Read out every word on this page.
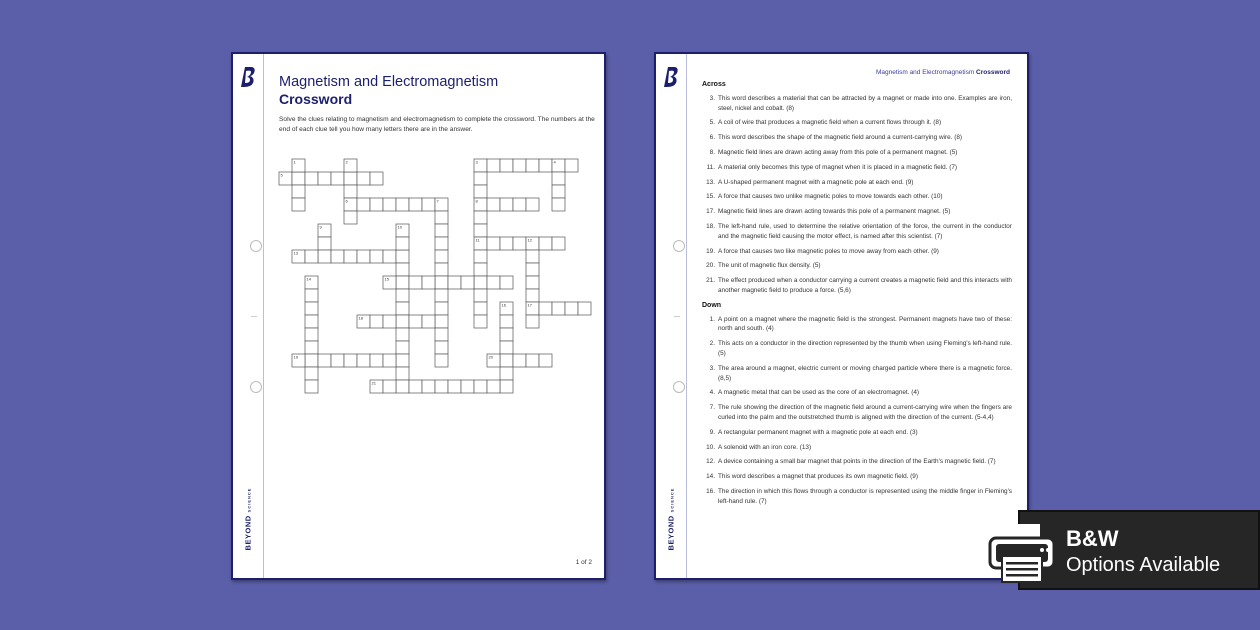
BEYONDSCIENCE
Magnetism and Electromagnetism
Crossword
Solve the clues relating to magnetism and electromagnetism to complete the crossword. The numbers at the end of each clue tell you how many letters there are in the answer.
5
1	2
6	7
3	4
8
11	12
17
9
13
10
15
14
16
18
19	20
21
1 of 2
BEYONDSCIENCE
Magnetism and Electromagnetism Crossword
Across
3. This word describes a material that can be attracted by a magnet or made into one. Examples are iron, steel, nickel and cobalt. (8)
5. A coil of wire that produces a magnetic field when a current flows through it. (8)
6. This word describes the shape of the magnetic field around a current-carrying wire. (8)
8. Magnetic field lines are drawn acting away from this pole of a permanent magnet. (5)
11. A material only becomes this type of magnet when it is placed in a magnetic field. (7)
13. A U-shaped permanent magnet with a magnetic pole at each end. (9)
15. A force that causes two unlike magnetic poles to move towards each other. (10)
17. Magnetic field lines are drawn acting towards this pole of a permanent magnet. (5)
18. The left-hand rule, used to determine the relative orientation of the force, the current in the conductor and the magnetic field causing the motor effect, is named after this scientist. (7)
19. A force that causes two like magnetic poles to move away from each other. (9)
20. The unit of magnetic flux density. (5)
21. The effect produced when a conductor carrying a current creates a magnetic field and this interacts with another magnetic field to produce a force. (5,6)
Down
1. A point on a magnet where the magnetic field is the strongest. Permanent magnets have two of these: north and south. (4)
2. This acts on a conductor in the direction represented by the thumb when using Fleming's left-hand rule. (5)
3. The area around a magnet, electric current or moving charged particle where there is a magnetic force. (8,5)
4. A magnetic metal that can be used as the core of an electromagnet. (4)
7. The rule showing the direction of the magnetic field around a current-carrying wire when the fingers are curled into the palm and the outstretched thumb is aligned with the direction of the current. (5-4,4)
9. A rectangular permanent magnet with a magnetic pole at each end. (3)
10. A solenoid with an iron core. (13)
12. A device containing a small bar magnet that points in the direction of the Earth's magnetic field. (7)
14. This word describes a magnet that produces its own magnetic field. (9)
16. The direction in which this flows through a conductor is represented using the middle finger in Fleming's left-hand rule. (7)
B&W
Options Available
